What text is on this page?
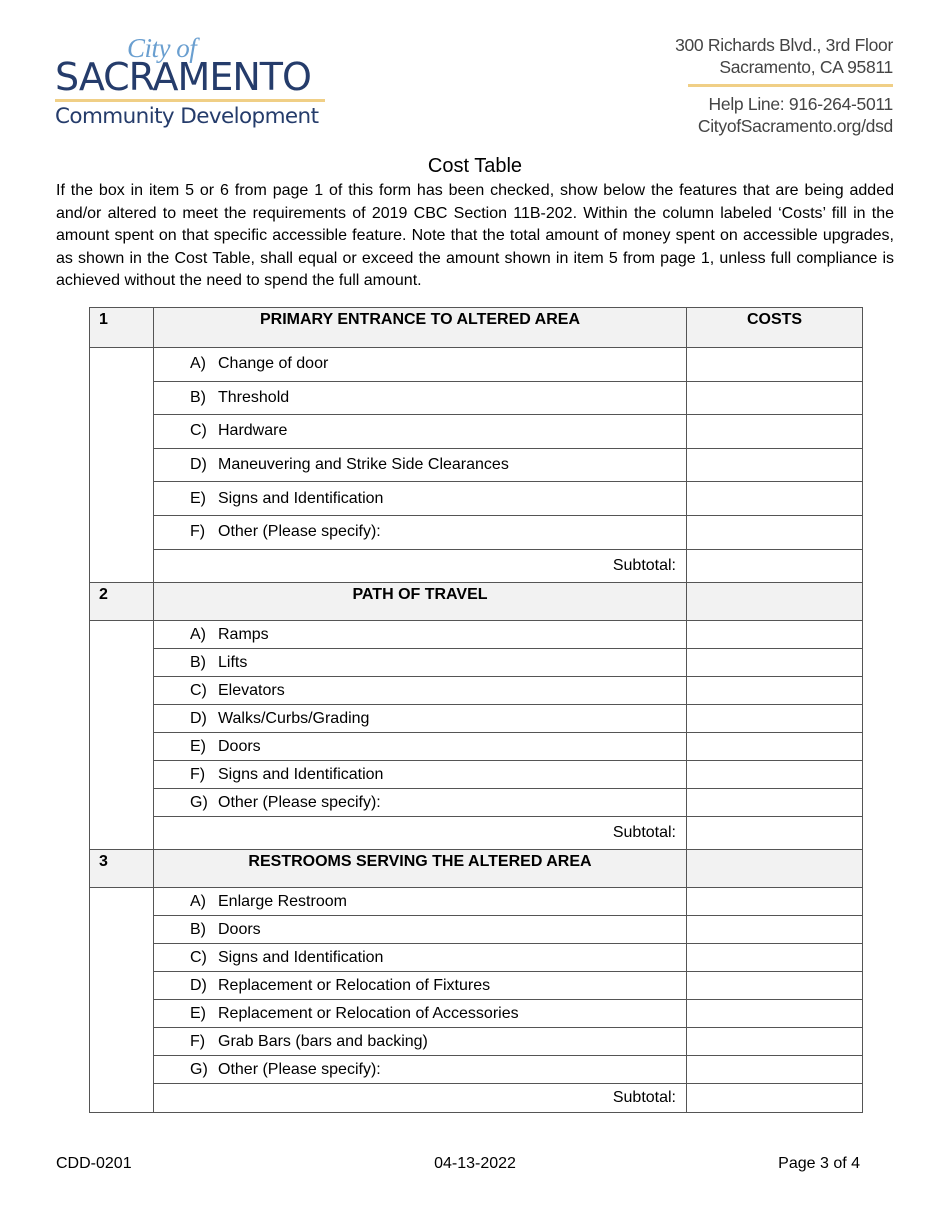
City of
SACRAMENTO
Community Development
300 Richards Blvd., 3rd Floor
Sacramento, CA 95811
Help Line: 916-264-5011
CityofSacramento.org/dsd
Cost Table
If the box in item 5 or 6 from page 1 of this form has been checked, show below the features that are being added and/or altered to meet the requirements of 2019 CBC Section 11B-202. Within the column labeled ‘Costs’ fill in the amount spent on that specific accessible feature. Note that the total amount of money spent on accessible upgrades, as shown in the Cost Table, shall equal or exceed the amount shown in item 5 from page 1, unless full compliance is achieved without the need to spend the full amount.
1	PRIMARY ENTRANCE TO ALTERED AREA	COSTS
	A) Change of door	
	B) Threshold	
	C) Hardware	
	D) Maneuvering and Strike Side Clearances	
	E) Signs and Identification	
	F) Other (Please specify):	
	Subtotal:	
2	PATH OF TRAVEL	
	A) Ramps	
	B) Lifts	
	C) Elevators	
	D) Walks/Curbs/Grading	
	E) Doors	
	F) Signs and Identification	
	G) Other (Please specify):	
	Subtotal:	
3	RESTROOMS SERVING THE ALTERED AREA	
	A) Enlarge Restroom	
	B) Doors	
	C) Signs and Identification	
	D) Replacement or Relocation of Fixtures	
	E) Replacement or Relocation of Accessories	
	F) Grab Bars (bars and backing)	
	G) Other (Please specify):	
	Subtotal:	
CDD-0201	04-13-2022	Page 3 of 4
